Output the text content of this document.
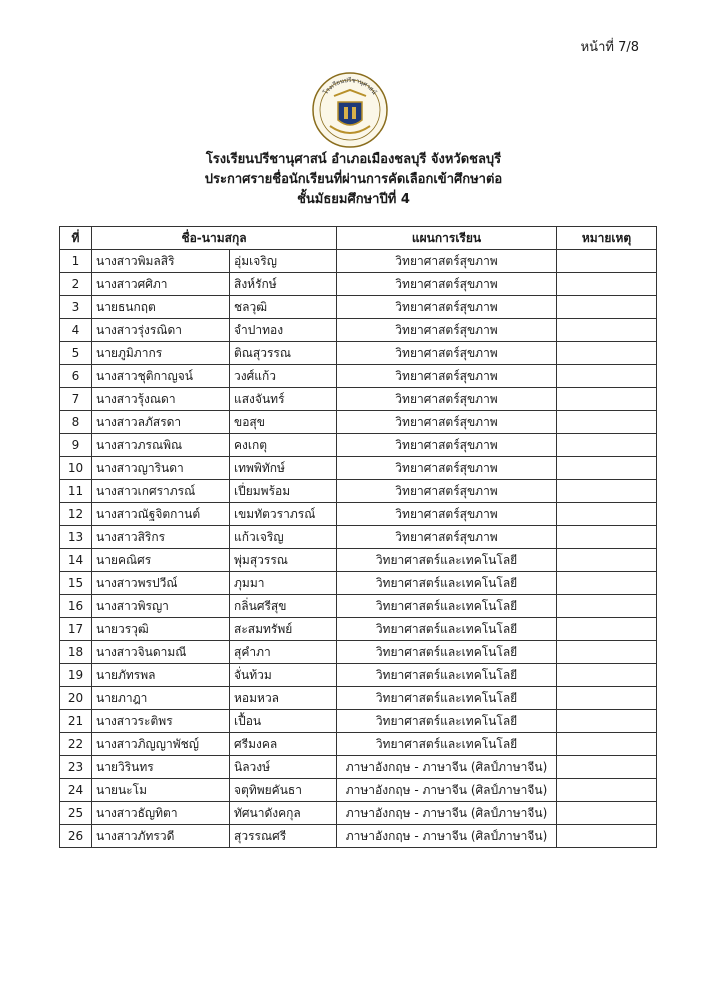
หน้าที่ 7/8
โรงเรียนปรีชานุศาสน์
โรงเรียนปรีชานุศาสน์ อำเภอเมืองชลบุรี จังหวัดชลบุรี
ประกาศรายชื่อนักเรียนที่ผ่านการคัดเลือกเข้าศึกษาต่อ
ชั้นมัธยมศึกษาปีที่ 4
ที่	ชื่อ-นามสกุล		แผนการเรียน	หมายเหตุ
1	นางสาวพิมลสิริ	อุ่มเจริญ	วิทยาศาสตร์สุขภาพ	
2	นางสาวศศิภา	สิงห์รักษ์	วิทยาศาสตร์สุขภาพ	
3	นายธนกฤต	ชลวุฒิ	วิทยาศาสตร์สุขภาพ	
4	นางสาวรุ่งรณิดา	จำปาทอง	วิทยาศาสตร์สุขภาพ	
5	นายภูมิภากร	ติณสุวรรณ	วิทยาศาสตร์สุขภาพ	
6	นางสาวชุติกาญจน์	วงศ์แก้ว	วิทยาศาสตร์สุขภาพ	
7	นางสาวรุ้งณดา	แสงจันทร์	วิทยาศาสตร์สุขภาพ	
8	นางสาวลภัสรดา	ขอสุข	วิทยาศาสตร์สุขภาพ	
9	นางสาวภรณพิณ	คงเกตุ	วิทยาศาสตร์สุขภาพ	
10	นางสาวญารินดา	เทพพิทักษ์	วิทยาศาสตร์สุขภาพ	
11	นางสาวเกศราภรณ์	เปี่ยมพร้อม	วิทยาศาสตร์สุขภาพ	
12	นางสาวณัฐจิตกานต์	เขมทัตวราภรณ์	วิทยาศาสตร์สุขภาพ	
13	นางสาวสิริกร	แก้วเจริญ	วิทยาศาสตร์สุขภาพ	
14	นายคณิศร	พุ่มสุวรรณ	วิทยาศาสตร์และเทคโนโลยี	
15	นางสาวพรปวีณ์	ภุมมา	วิทยาศาสตร์และเทคโนโลยี	
16	นางสาวพิรญา	กลิ่นศรีสุข	วิทยาศาสตร์และเทคโนโลยี	
17	นายวรวุฒิ	สะสมทรัพย์	วิทยาศาสตร์และเทคโนโลยี	
18	นางสาวจินดามณี	สุคำภา	วิทยาศาสตร์และเทคโนโลยี	
19	นายภัทรพล	จั่นท้วม	วิทยาศาสตร์และเทคโนโลยี	
20	นายภาฎา	หอมหวล	วิทยาศาสตร์และเทคโนโลยี	
21	นางสาวระติพร	เปื้อน	วิทยาศาสตร์และเทคโนโลยี	
22	นางสาวภิญญาพัชญ์	ศรีมงคล	วิทยาศาสตร์และเทคโนโลยี	
23	นายวิรินทร	นิลวงษ์	ภาษาอังกฤษ - ภาษาจีน (ศิลป์ภาษาจีน)	
24	นายนะโม	จตุทิพยคันธา	ภาษาอังกฤษ - ภาษาจีน (ศิลป์ภาษาจีน)	
25	นางสาวธัญทิตา	ทัศนาดังคกุล	ภาษาอังกฤษ - ภาษาจีน (ศิลป์ภาษาจีน)	
26	นางสาวภัทรวดี	สุวรรณศรี	ภาษาอังกฤษ - ภาษาจีน (ศิลป์ภาษาจีน)	
